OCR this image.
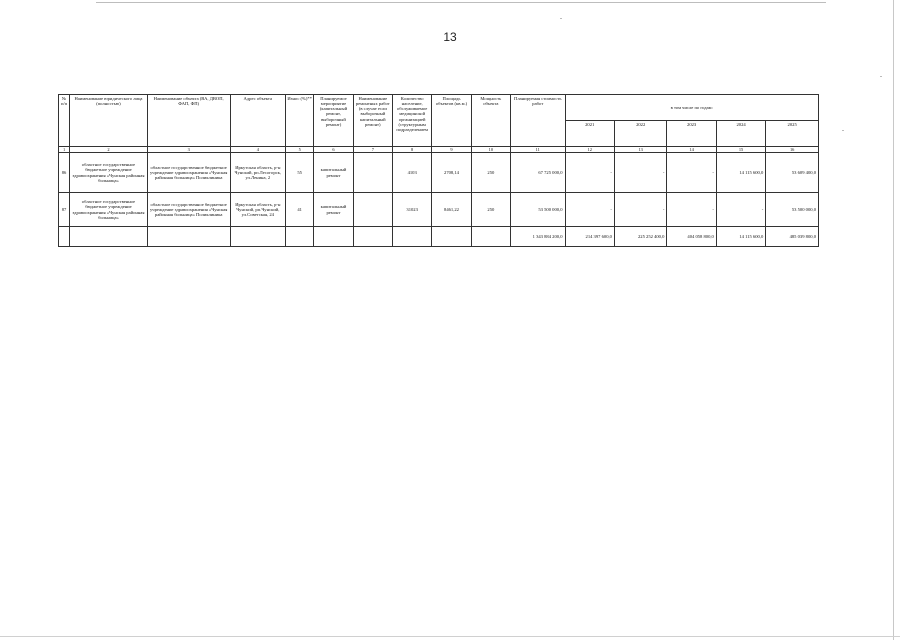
13
№ п/п	Наименование юридического лица (полностью)	Наименование объекта (ВА, ДВОП, ФАП, ФП)	Адрес объекта	Износ (%)**	Планируемое мероприятие (капитальный ремонт, выборочный ремонт)	Наименование ремонтных работ (в случае если выборочный капитальный ремонт)	Количество население, обслуживаемое медицинской организацией (структурным подразделением	Площадь объектов (кв.м.)	Мощность объекта	Планируемая стоимость работ	в том числе по годам:				
											2021	2022	2023	2024	2025
1	2	3	4	5	6	7	8	9	10	11	12	13	14	15	16
86	областное государственное бюджетное учреждение здравоохранения «Чунская районная больница»	областное государственное бюджетное учреждение здравоохранения «Чунская районная больница» Поликлиника	Иркутская область, р-н Чунский, рп.Лесогорск, ул.Ленина, 2	55	капитальный ремонт		4103	2708,14	250	67 725 000,0	-	-	-	14 115 600,0	53 609 400,0
87	областное государственное бюджетное учреждение здравоохранения «Чунская районная больница»	областное государственное бюджетное учреждение здравоохранения «Чунская районная больница» Поликлиника	Иркутская область, р-н Чунский, рп.Чунский, ул.Советская, 24	41	капитальный ремонт		31023	8461,22	250	53 500 000,0	-	-	-	-	53 500 000,0
										1 343 884 200,0	214 397 600,0	225 252 400,0	404 058 800,0	14 115 600,0	485 039 800,0
